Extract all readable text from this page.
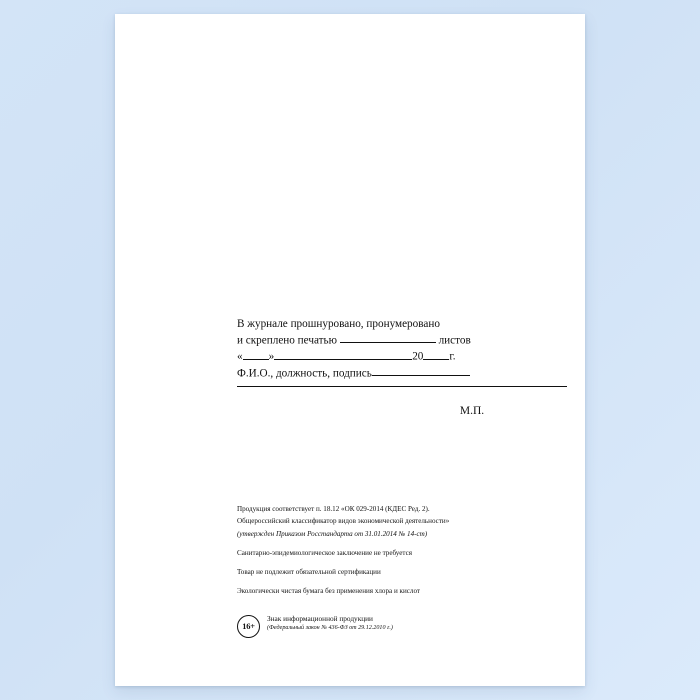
В журнале прошнуровано, пронумеровано
и скреплено печатью	листов
« »	20 г.
Ф.И.О., должность, подпись
М.П.

Продукция соответствует п. 18.12 «ОК 029-2014 (КДЕС Ред. 2).

Общероссийский классификатор видов экономической деятельности»

(утвержден Приказом Росстандарта от 31.01.2014 № 14-ст)

Санитарно-эпидемиологическое заключение не требуется

Товар не подлежит обязательной сертификации

Экологически чистая бумага без применения хлора и кислот

16+
Знак информационной продукции
(Федеральный закон № 436-ФЗ от 29.12.2010 г.)
